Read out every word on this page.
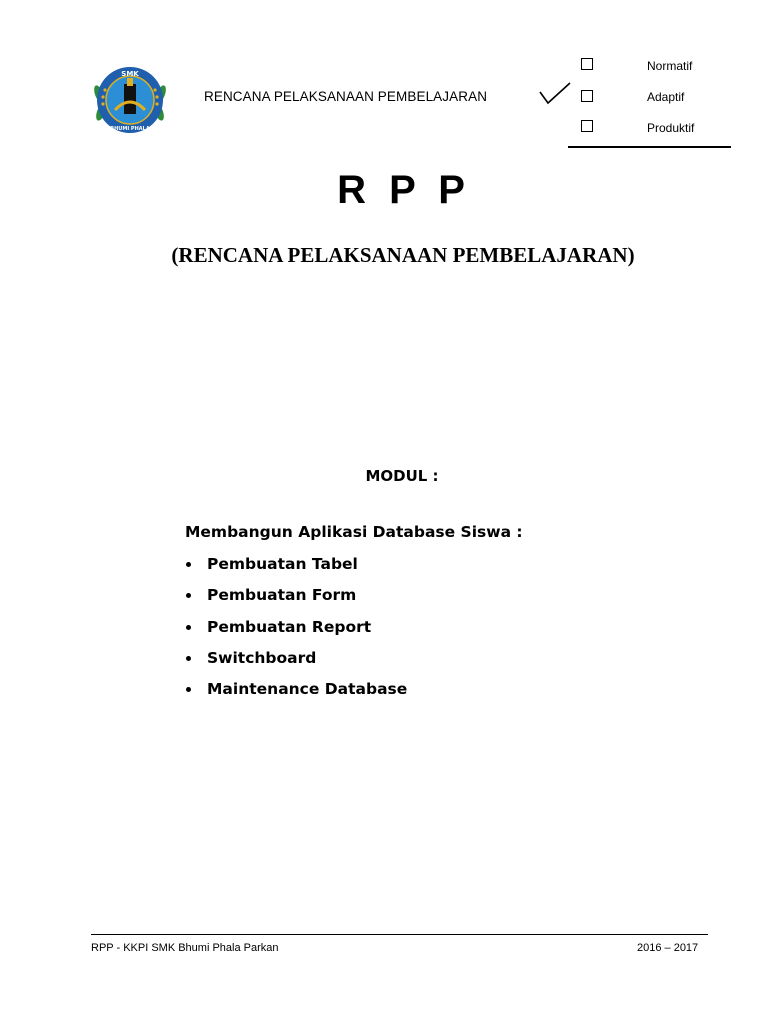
SMK
BHUMI PHALA
RENCANA PELAKSANAAN PEMBELAJARAN
Normatif
Adaptif
Produktif
R P P
(RENCANA PELAKSANAAN PEMBELAJARAN)
MODUL :
Membangun Aplikasi Database Siswa :
Pembuatan Tabel
Pembuatan Form
Pembuatan Report
Switchboard
Maintenance Database
RPP - KKPI SMK Bhumi Phala Parkan	2016 – 2017
